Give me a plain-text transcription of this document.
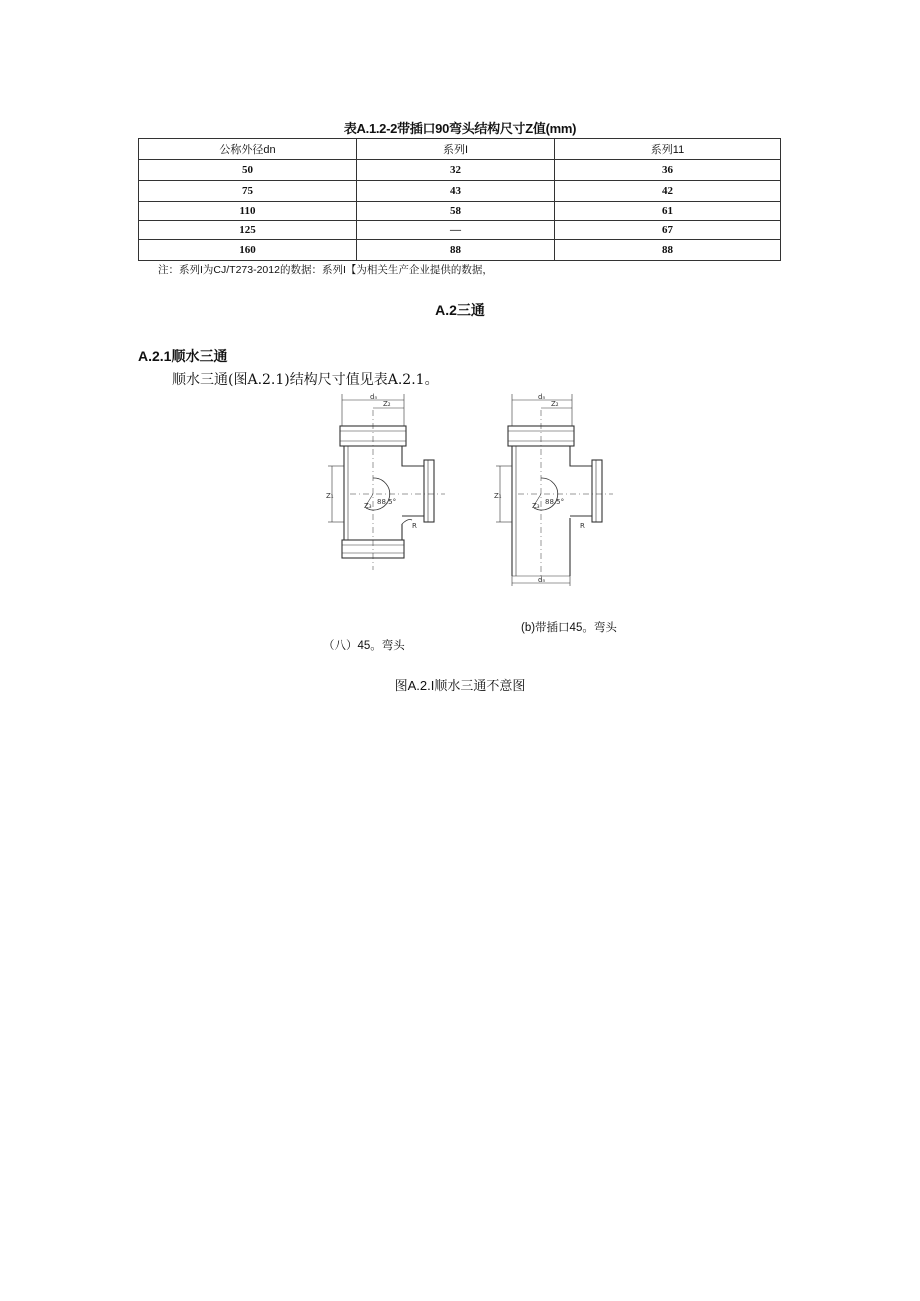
表A.1.2-2带插口90弯头结构尺寸Z值(mm)
公称外径dn	系列I	系列11
50	32	36
75	43	42
110	58	61
125	—	67
160	88	88
注：系列I为CJ/T273-2012的数据：系列I【为相关生产企业提供的数据，
A.2三通
A.2.1顺水三通
顺水三通(图A.2.1)结构尺寸值见表A.2.1。
dₙ
Z₂
Z₁
Z₃ 88.5°
R
dₙ
Z₂
Z₁
Z₃ 88.5°
R
dₙ
(b)带插口45。弯头
（八）45。弯头
图A.2.I顺水三通不意图
